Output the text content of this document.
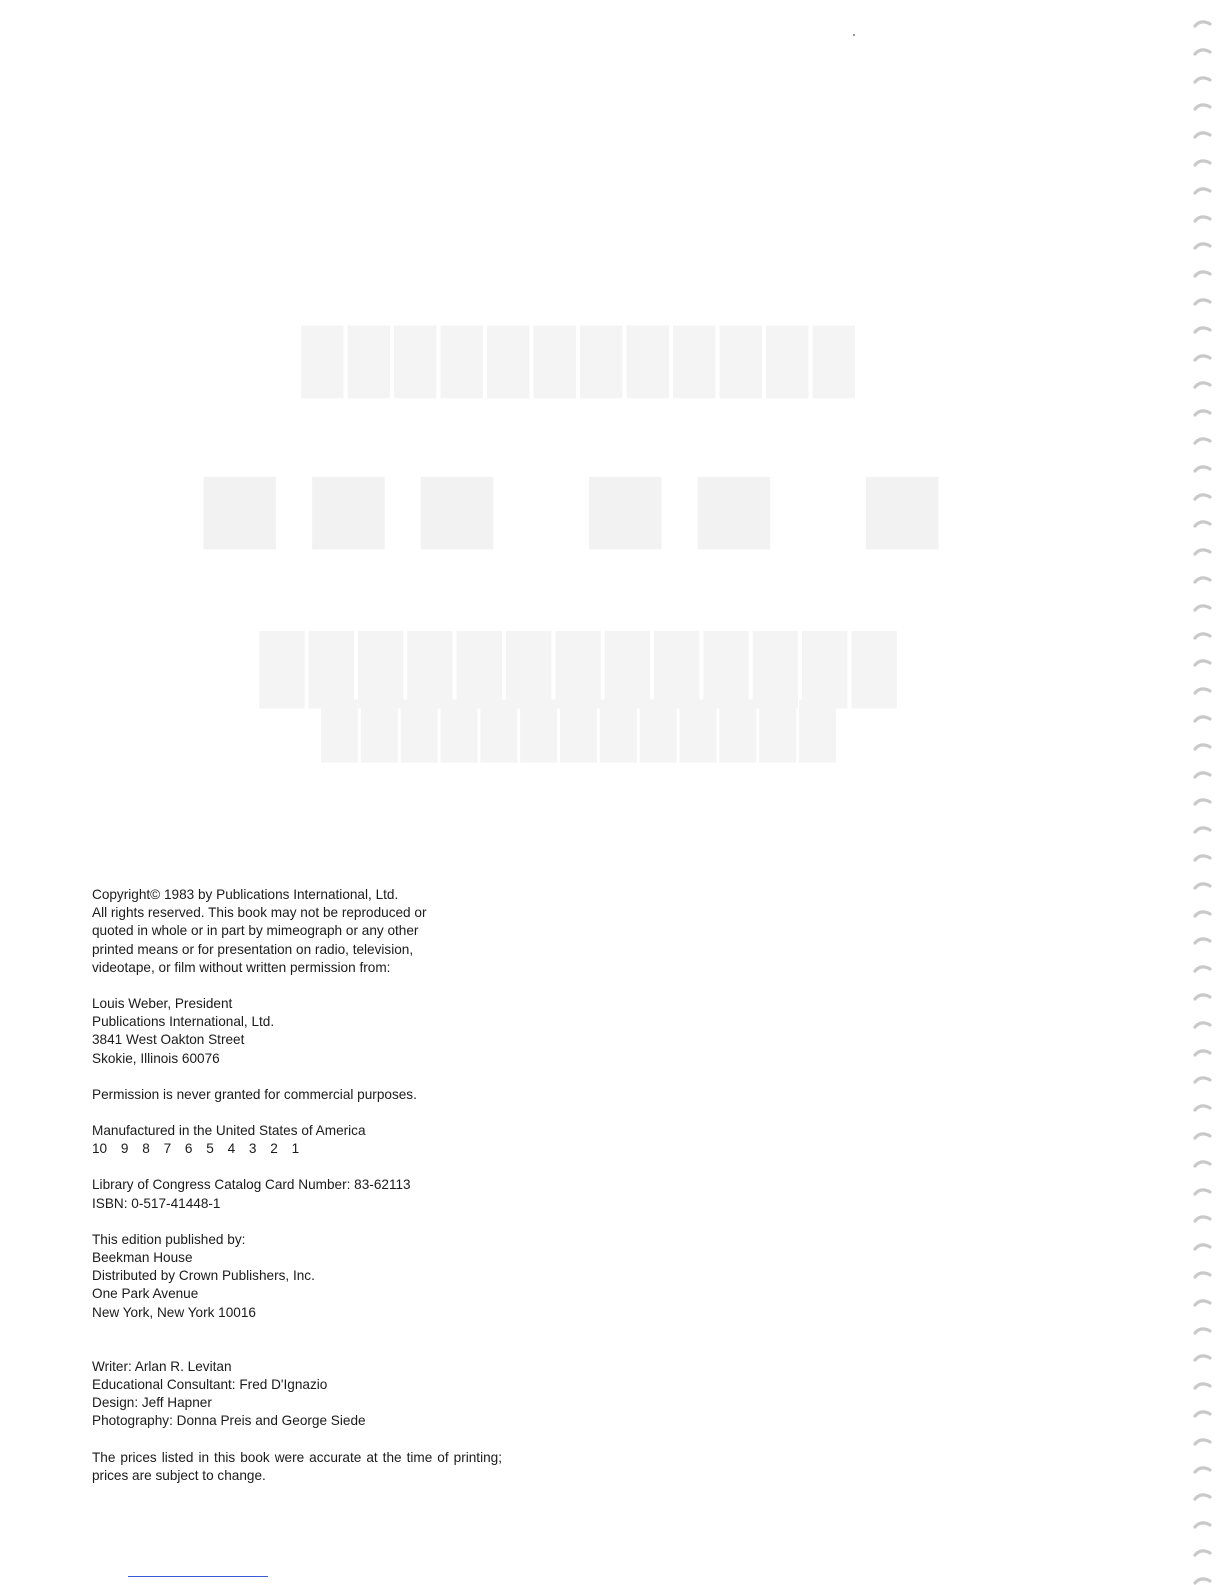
████████████
■■■ ■■ ■
█████████████
█████████████

Copyright© 1983 by Publications International, Ltd.
All rights reserved. This book may not be reproduced or
quoted in whole or in part by mimeograph or any other
printed means or for presentation on radio, television,
videotape, or film without written permission from:

Louis Weber, President
Publications International, Ltd.
3841 West Oakton Street
Skokie, Illinois 60076

Permission is never granted for commercial purposes.

Manufactured in the United States of America
10 9 8 7 6 5 4 3 2 1

Library of Congress Catalog Card Number: 83-62113
ISBN: 0-517-41448-1

This edition published by:
Beekman House
Distributed by Crown Publishers, Inc.
One Park Avenue
New York, New York 10016

Writer: Arlan R. Levitan
Educational Consultant: Fred D'Ignazio
Design: Jeff Hapner
Photography: Donna Preis and George Siede

The prices listed in this book were accurate at the time of printing; prices are subject to change.
